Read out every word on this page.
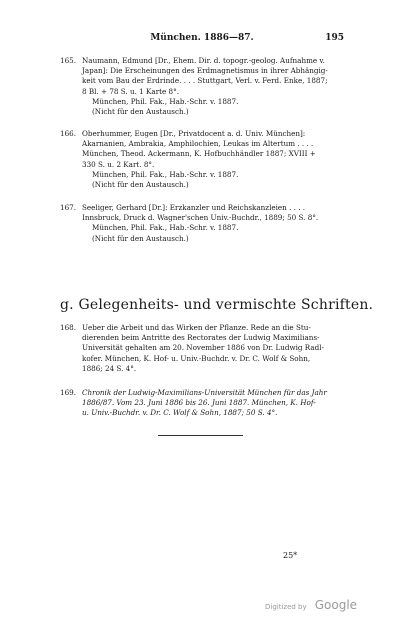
München. 1886—87.	195
165. Naumann, Edmund [Dr., Ehem. Dir. d. topogr.-geolog. Aufnahme v.
Japan]: Die Erscheinungen des Erdmagnetismus in ihrer Abhängig-
keit vom Bau der Erdrinde. . . . Stuttgart, Verl. v. Ferd. Enke, 1887;
8 Bl. + 78 S. u. 1 Karte 8°.
München, Phil. Fak., Hab.-Schr. v. 1887.
(Nicht für den Austausch.)
166. Oberhummer, Eugen [Dr., Privatdocent a. d. Univ. München]:
Akarnanien, Ambrakia, Amphilochien, Leukas im Altertum . . . .
München, Theod. Ackermann, K. Hofbuchhändler 1887; XVIII +
330 S. u. 2 Kart. 8°.
München, Phil. Fak., Hab.-Schr. v. 1887.
(Nicht für den Austausch.)
167. Seeliger, Gerhard [Dr.]: Erzkanzler und Reichskanzleien . . . .
Innsbruck, Druck d. Wagner'schen Univ.-Buchdr., 1889; 50 S. 8°.
München, Phil. Fak., Hab.-Schr. v. 1887.
(Nicht für den Austausch.)
g. Gelegenheits- und vermischte Schriften.
168. Ueber die Arbeit und das Wirken der Pflanze. Rede an die Stu-
dierenden beim Antritte des Rectorates der Ludwig Maximilians-
Universität gehalten am 20. November 1886 von Dr. Ludwig Radl-
kofer. München, K. Hof- u. Univ.-Buchdr. v. Dr. C. Wolf & Sohn,
1886; 24 S. 4°.
169. Chronik der Ludwig-Maximilians-Universität München für das Jahr
1886/87. Vom 23. Juni 1886 bis 26. Juni 1887. München, K. Hof-
u. Univ.-Buchdr. v. Dr. C. Wolf & Sohn, 1887; 50 S. 4°.
25*
Digitized by Google
